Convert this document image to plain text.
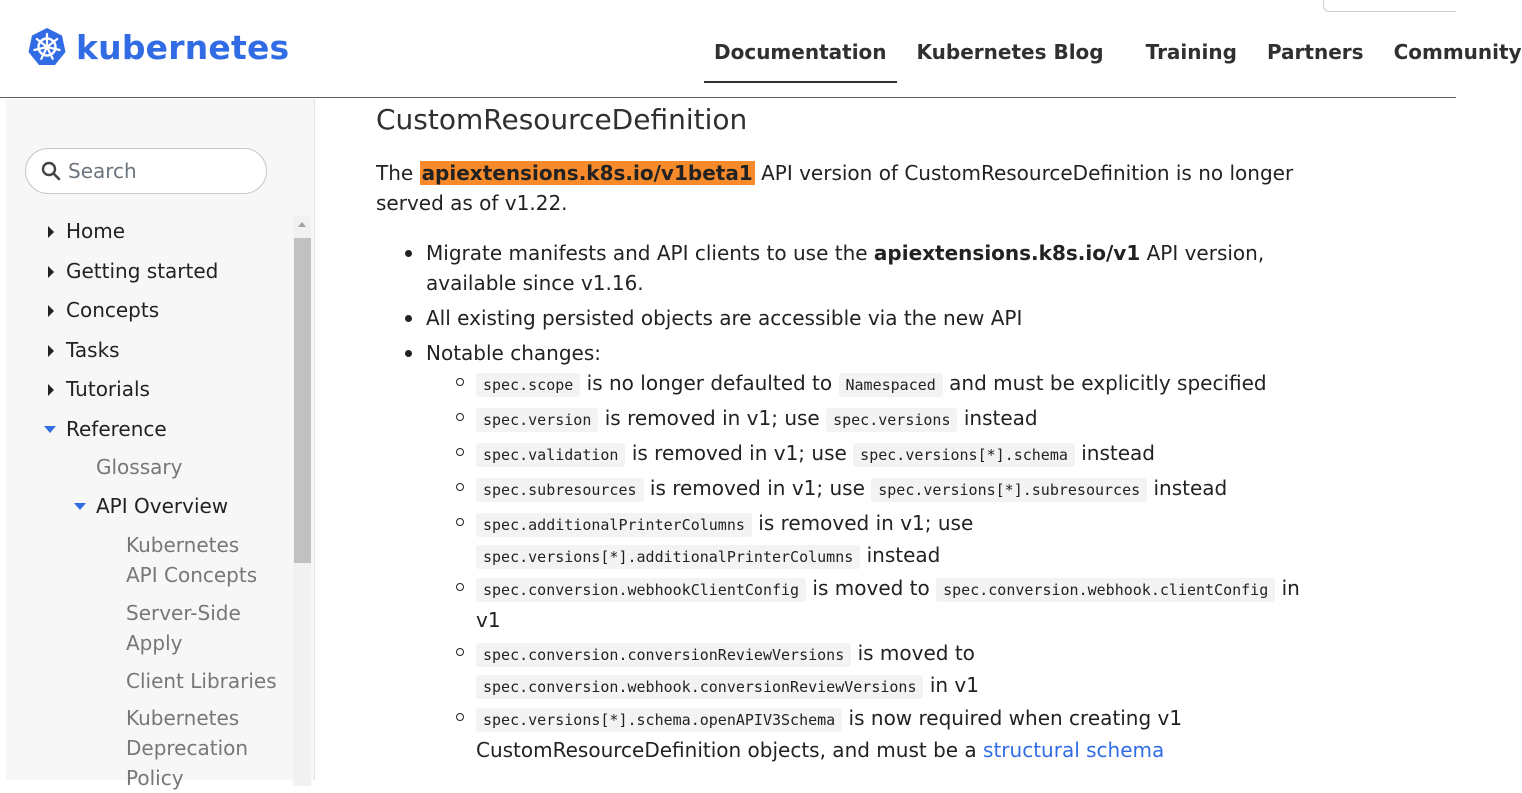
kubernetes	Documentation	Kubernetes Blog	Training Partners Community
Search
Home
Getting started
Concepts
Tasks
Tutorials
Reference
Glossary
API Overview
Kubernetes API Concepts
Server-Side Apply
Client Libraries
Kubernetes Deprecation Policy
CustomResourceDefinition
The apiextensions.k8s.io/v1beta1 API version of CustomResourceDefinition is no longer served as of v1.22.
Migrate manifests and API clients to use the apiextensions.k8s.io/v1 API version, available since v1.16.
All existing persisted objects are accessible via the new API
Notable changes:
spec.scope is no longer defaulted to Namespaced and must be explicitly specified
spec.version is removed in v1; use spec.versions instead
spec.validation is removed in v1; use spec.versions[*].schema instead
spec.subresources is removed in v1; use spec.versions[*].subresources instead
spec.additionalPrinterColumns is removed in v1; use spec.versions[*].additionalPrinterColumns instead
spec.conversion.webhookClientConfig is moved to spec.conversion.webhook.clientConfig in v1
spec.conversion.conversionReviewVersions is moved to spec.conversion.webhook.conversionReviewVersions in v1
spec.versions[*].schema.openAPIV3Schema is now required when creating v1 CustomResourceDefinition objects, and must be a structural schema
